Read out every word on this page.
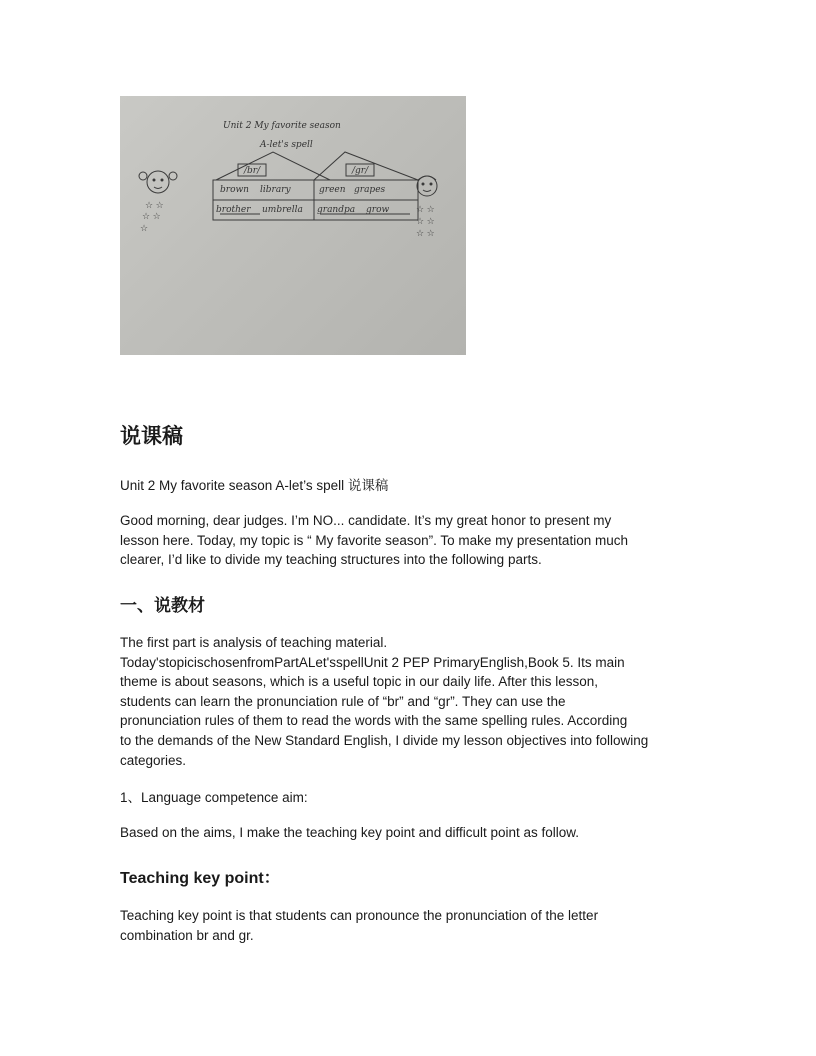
Unit 2 My favorite season
A-let's spell
/br/	/gr/
brown library
brother umbrella
green grapes
grandpa grow
☆ ☆
☆ ☆
☆
☆ ☆
☆ ☆
☆ ☆
说课稿

Unit 2 My favorite season A-let’s spell 说课稿

Good morning, dear judges. I’m NO... candidate. It’s my great honor to present my
lesson here. Today, my topic is “ My favorite season”. To make my presentation much
clearer, I’d like to divide my teaching structures into the following parts.

一、说教材

The first part is analysis of teaching material.
Today'stopicischosenfromPartALet'sspellUnit 2 PEP PrimaryEnglish,Book 5. Its main
theme is about seasons, which is a useful topic in our daily life. After this lesson,
students can learn the pronunciation rule of “br” and “gr”. They can use the
pronunciation rules of them to read the words with the same spelling rules. According
to the demands of the New Standard English, I divide my lesson objectives into following
categories.

1、Language competence aim:

Based on the aims, I make the teaching key point and difficult point as follow.

Teaching key point：

Teaching key point is that students can pronounce the pronunciation of the letter
combination br and gr.
